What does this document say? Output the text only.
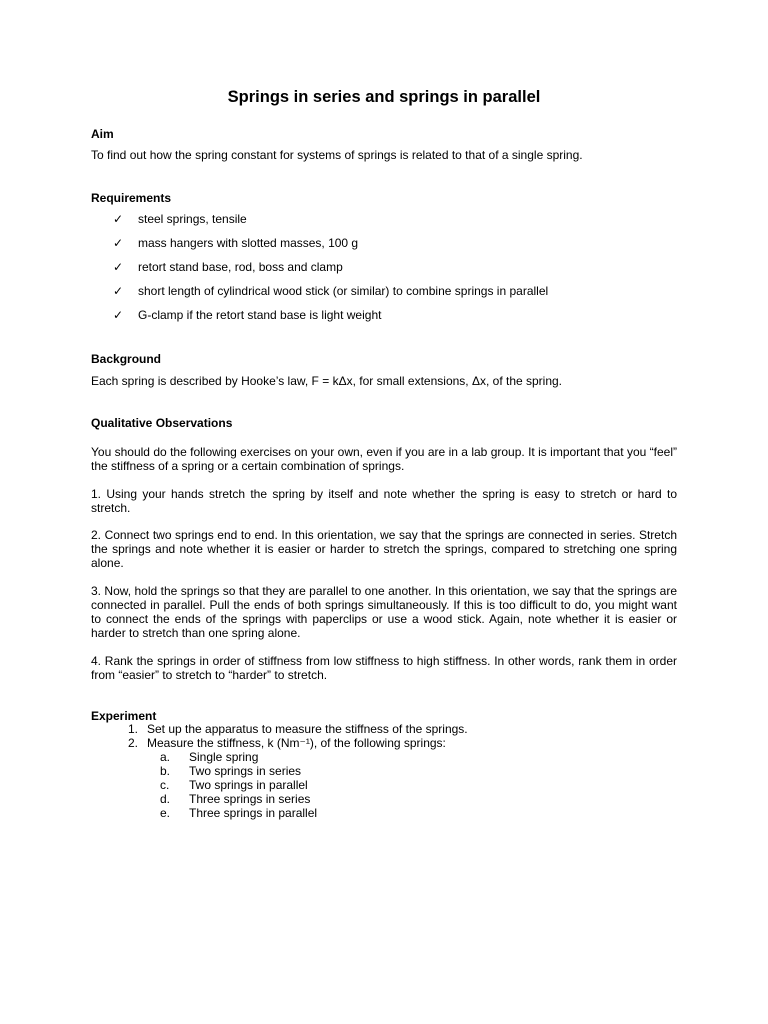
Springs in series and springs in parallel
Aim
To find out how the spring constant for systems of springs is related to that of a single spring.
Requirements
✓	steel springs, tensile
✓	mass hangers with slotted masses, 100 g
✓	retort stand base, rod, boss and clamp
✓	short length of cylindrical wood stick (or similar) to combine springs in parallel
✓	G-clamp if the retort stand base is light weight
Background
Each spring is described by Hooke’s law, F = kΔx, for small extensions, Δx, of the spring.
Qualitative Observations
You should do the following exercises on your own, even if you are in a lab group. It is important that you “feel” the stiffness of a spring or a certain combination of springs.
1. Using your hands stretch the spring by itself and note whether the spring is easy to stretch or hard to stretch.
2. Connect two springs end to end. In this orientation, we say that the springs are connected in series. Stretch the springs and note whether it is easier or harder to stretch the springs, compared to stretching one spring alone.
3. Now, hold the springs so that they are parallel to one another. In this orientation, we say that the springs are connected in parallel. Pull the ends of both springs simultaneously. If this is too difficult to do, you might want to connect the ends of the springs with paperclips or use a wood stick. Again, note whether it is easier or harder to stretch than one spring alone.
4. Rank the springs in order of stiffness from low stiffness to high stiffness. In other words, rank them in order from “easier” to stretch to “harder” to stretch.
Experiment
1. Set up the apparatus to measure the stiffness of the springs.
2. Measure the stiffness, k (Nm⁻¹), of the following springs:
a.	Single spring
b.	Two springs in series
c.	Two springs in parallel
d.	Three springs in series
e.	Three springs in parallel
